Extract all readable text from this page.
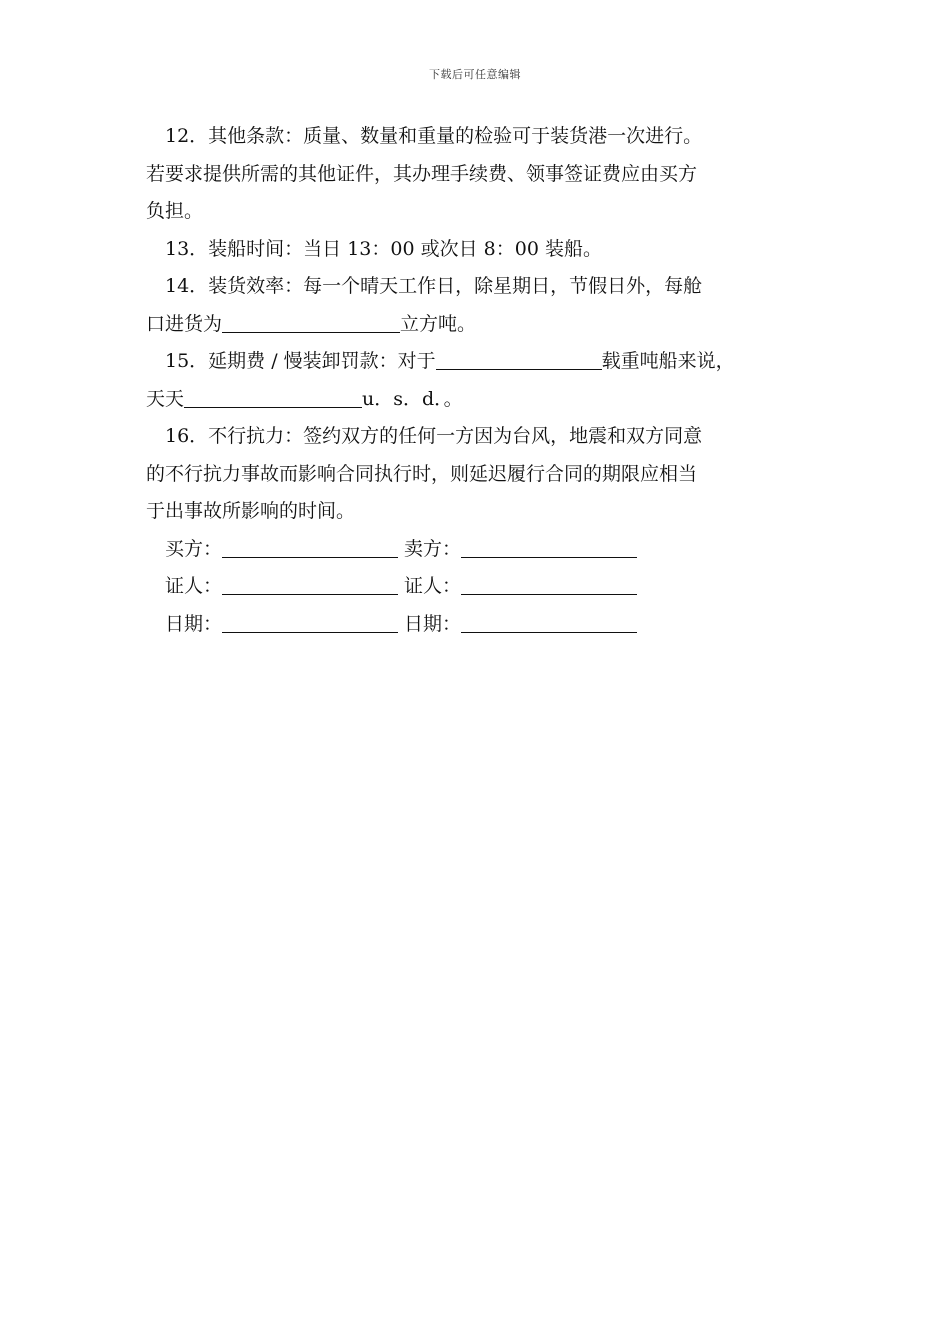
下载后可任意编辑

12．其他条款：质量、数量和重量的检验可于装货港一次进行。

若要求提供所需的其他证件，其办理手续费、领事签证费应由买方
负担。

13．装船时间：当日 13：00 或次日 8：00 装船。

14．装货效率：每一个晴天工作日，除星期日，节假日外，每舱

口进货为	立方吨。

15．延期费 / 慢装卸罚款：对于	载重吨船来说，

天天	u．s．d．。

16．不行抗力：签约双方的任何一方因为台风，地震和双方同意

的不行抗力事故而影响合同执行时，则延迟履行合同的期限应相当
于出事故所影响的时间。

买方：	卖方：

证人：	证人：

日期：	日期：
